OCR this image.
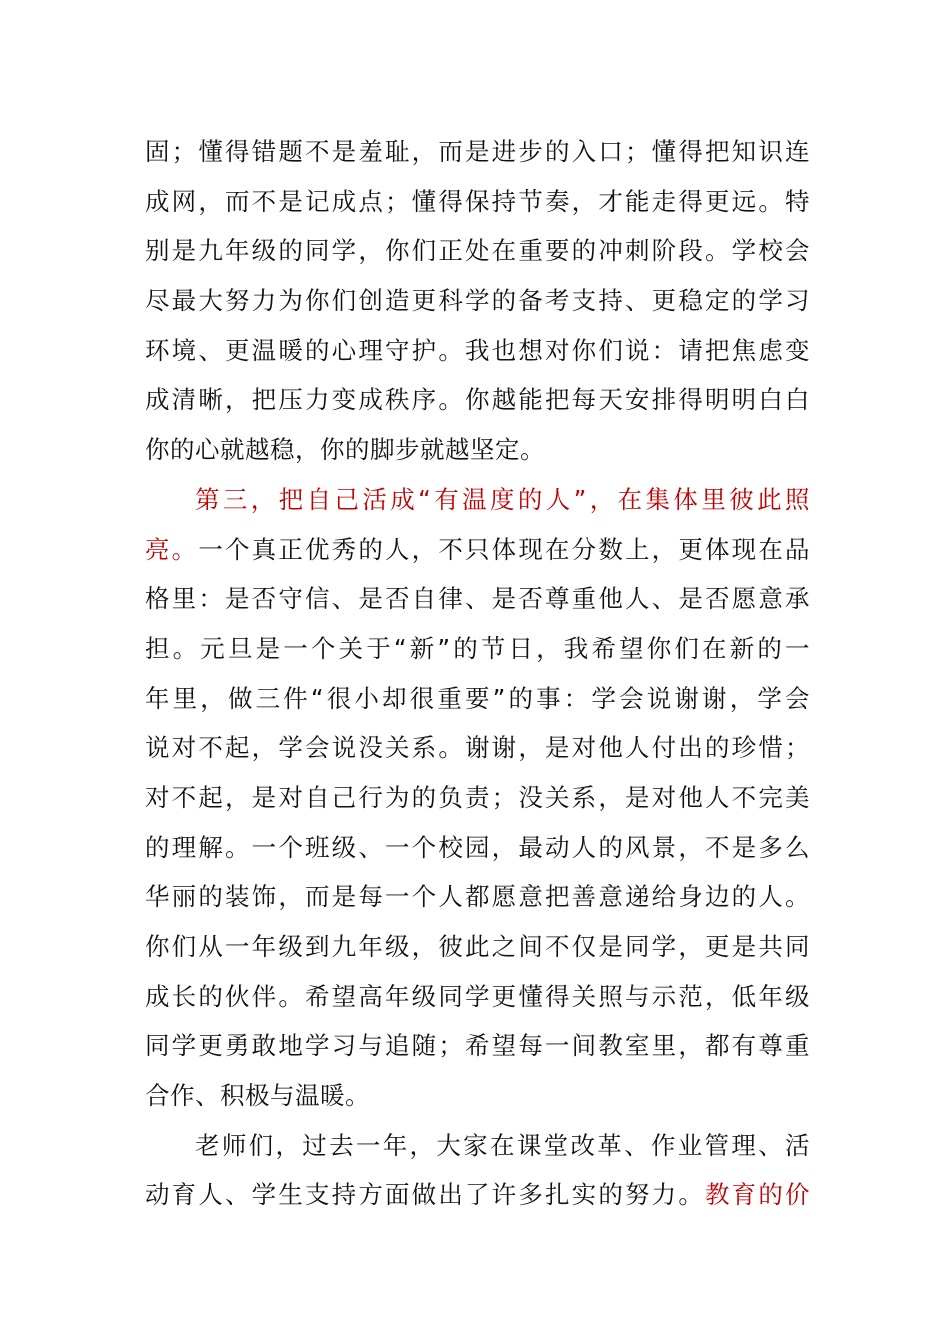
固；懂得错题不是羞耻，而是进步的入口；懂得把知识连
成网，而不是记成点；懂得保持节奏，才能走得更远。特
别是九年级的同学，你们正处在重要的冲刺阶段。学校会
尽最大努力为你们创造更科学的备考支持、更稳定的学习
环境、更温暖的心理守护。我也想对你们说：请把焦虑变
成清晰，把压力变成秩序。你越能把每天安排得明明白白
你的心就越稳，你的脚步就越坚定。
第三，把自己活成“有温度的人”，在集体里彼此照
亮。一个真正优秀的人，不只体现在分数上，更体现在品
格里：是否守信、是否自律、是否尊重他人、是否愿意承
担。元旦是一个关于“新”的节日，我希望你们在新的一
年里，做三件“很小却很重要”的事：学会说谢谢，学会
说对不起，学会说没关系。谢谢，是对他人付出的珍惜；
对不起，是对自己行为的负责；没关系，是对他人不完美
的理解。一个班级、一个校园，最动人的风景，不是多么
华丽的装饰，而是每一个人都愿意把善意递给身边的人。
你们从一年级到九年级，彼此之间不仅是同学，更是共同
成长的伙伴。希望高年级同学更懂得关照与示范，低年级
同学更勇敢地学习与追随；希望每一间教室里，都有尊重
合作、积极与温暖。
老师们，过去一年，大家在课堂改革、作业管理、活
动育人、学生支持方面做出了许多扎实的努力。教育的价
